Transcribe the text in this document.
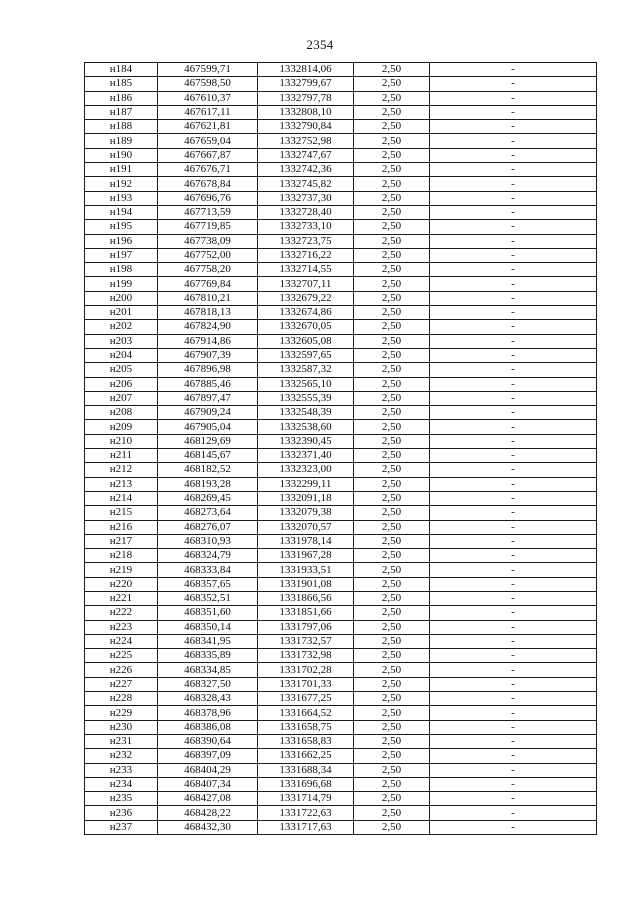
2354
н184	467599,71	1332814,06	2,50	-
н185	467598,50	1332799,67	2,50	-
н186	467610,37	1332797,78	2,50	-
н187	467617,11	1332808,10	2,50	-
н188	467621,81	1332790,84	2,50	-
н189	467659,04	1332752,98	2,50	-
н190	467667,87	1332747,67	2,50	-
н191	467676,71	1332742,36	2,50	-
н192	467678,84	1332745,82	2,50	-
н193	467696,76	1332737,30	2,50	-
н194	467713,59	1332728,40	2,50	-
н195	467719,85	1332733,10	2,50	-
н196	467738,09	1332723,75	2,50	-
н197	467752,00	1332716,22	2,50	-
н198	467758,20	1332714,55	2,50	-
н199	467769,84	1332707,11	2,50	-
н200	467810,21	1332679,22	2,50	-
н201	467818,13	1332674,86	2,50	-
н202	467824,90	1332670,05	2,50	-
н203	467914,86	1332605,08	2,50	-
н204	467907,39	1332597,65	2,50	-
н205	467896,98	1332587,32	2,50	-
н206	467885,46	1332565,10	2,50	-
н207	467897,47	1332555,39	2,50	-
н208	467909,24	1332548,39	2,50	-
н209	467905,04	1332538,60	2,50	-
н210	468129,69	1332390,45	2,50	-
н211	468145,67	1332371,40	2,50	-
н212	468182,52	1332323,00	2,50	-
н213	468193,28	1332299,11	2,50	-
н214	468269,45	1332091,18	2,50	-
н215	468273,64	1332079,38	2,50	-
н216	468276,07	1332070,57	2,50	-
н217	468310,93	1331978,14	2,50	-
н218	468324,79	1331967,28	2,50	-
н219	468333,84	1331933,51	2,50	-
н220	468357,65	1331901,08	2,50	-
н221	468352,51	1331866,56	2,50	-
н222	468351,60	1331851,66	2,50	-
н223	468350,14	1331797,06	2,50	-
н224	468341,95	1331732,57	2,50	-
н225	468335,89	1331732,98	2,50	-
н226	468334,85	1331702,28	2,50	-
н227	468327,50	1331701,33	2,50	-
н228	468328,43	1331677,25	2,50	-
н229	468378,96	1331664,52	2,50	-
н230	468386,08	1331658,75	2,50	-
н231	468390,64	1331658,83	2,50	-
н232	468397,09	1331662,25	2,50	-
н233	468404,29	1331688,34	2,50	-
н234	468407,34	1331696,68	2,50	-
н235	468427,08	1331714,79	2,50	-
н236	468428,22	1331722,63	2,50	-
н237	468432,30	1331717,63	2,50	-
